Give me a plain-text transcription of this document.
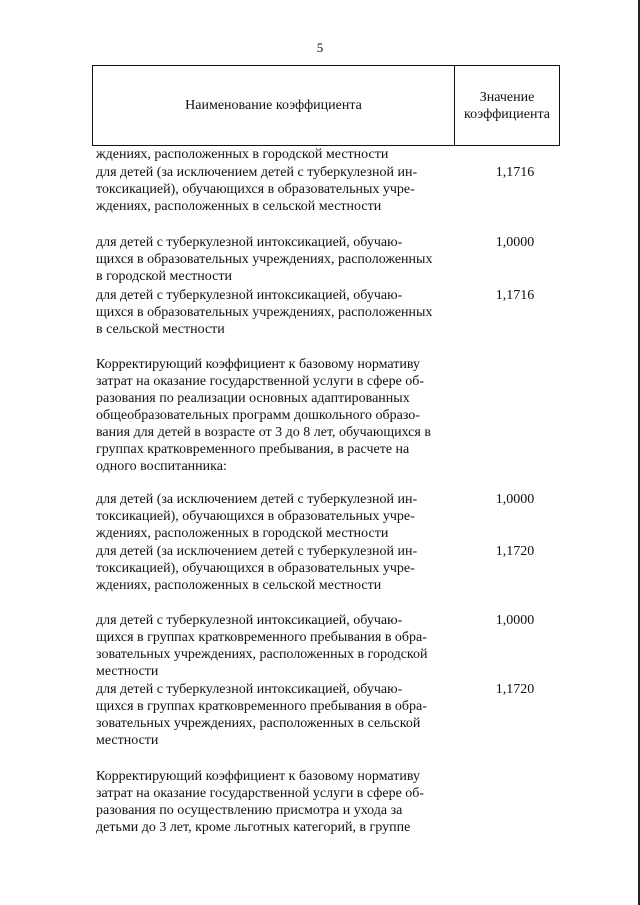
5
Наименование коэффициента
Значение
коэффициента
ждениях, расположенных в городской местности
для детей (за исключением детей с туберкулезной ин-
токсикацией), обучающихся в образовательных учре-
ждениях, расположенных в сельской местности
1,1716
для детей с туберкулезной интоксикацией, обучаю-
щихся в образовательных учреждениях, расположенных
в городской местности
1,0000
для детей с туберкулезной интоксикацией, обучаю-
щихся в образовательных учреждениях, расположенных
в сельской местности
1,1716
Корректирующий коэффициент к базовому нормативу
затрат на оказание государственной услуги в сфере об-
разования по реализации основных адаптированных
общеобразовательных программ дошкольного образо-
вания для детей в возрасте от 3 до 8 лет, обучающихся в
группах кратковременного пребывания, в расчете на
одного воспитанника:
для детей (за исключением детей с туберкулезной ин-
токсикацией), обучающихся в образовательных учре-
ждениях, расположенных в городской местности
1,0000
для детей (за исключением детей с туберкулезной ин-
токсикацией), обучающихся в образовательных учре-
ждениях, расположенных в сельской местности
1,1720
для детей с туберкулезной интоксикацией, обучаю-
щихся в группах кратковременного пребывания в обра-
зовательных учреждениях, расположенных в городской
местности
1,0000
для детей с туберкулезной интоксикацией, обучаю-
щихся в группах кратковременного пребывания в обра-
зовательных учреждениях, расположенных в сельской
местности
1,1720
Корректирующий коэффициент к базовому нормативу
затрат на оказание государственной услуги в сфере об-
разования по осуществлению присмотра и ухода за
детьми до 3 лет, кроме льготных категорий, в группе
